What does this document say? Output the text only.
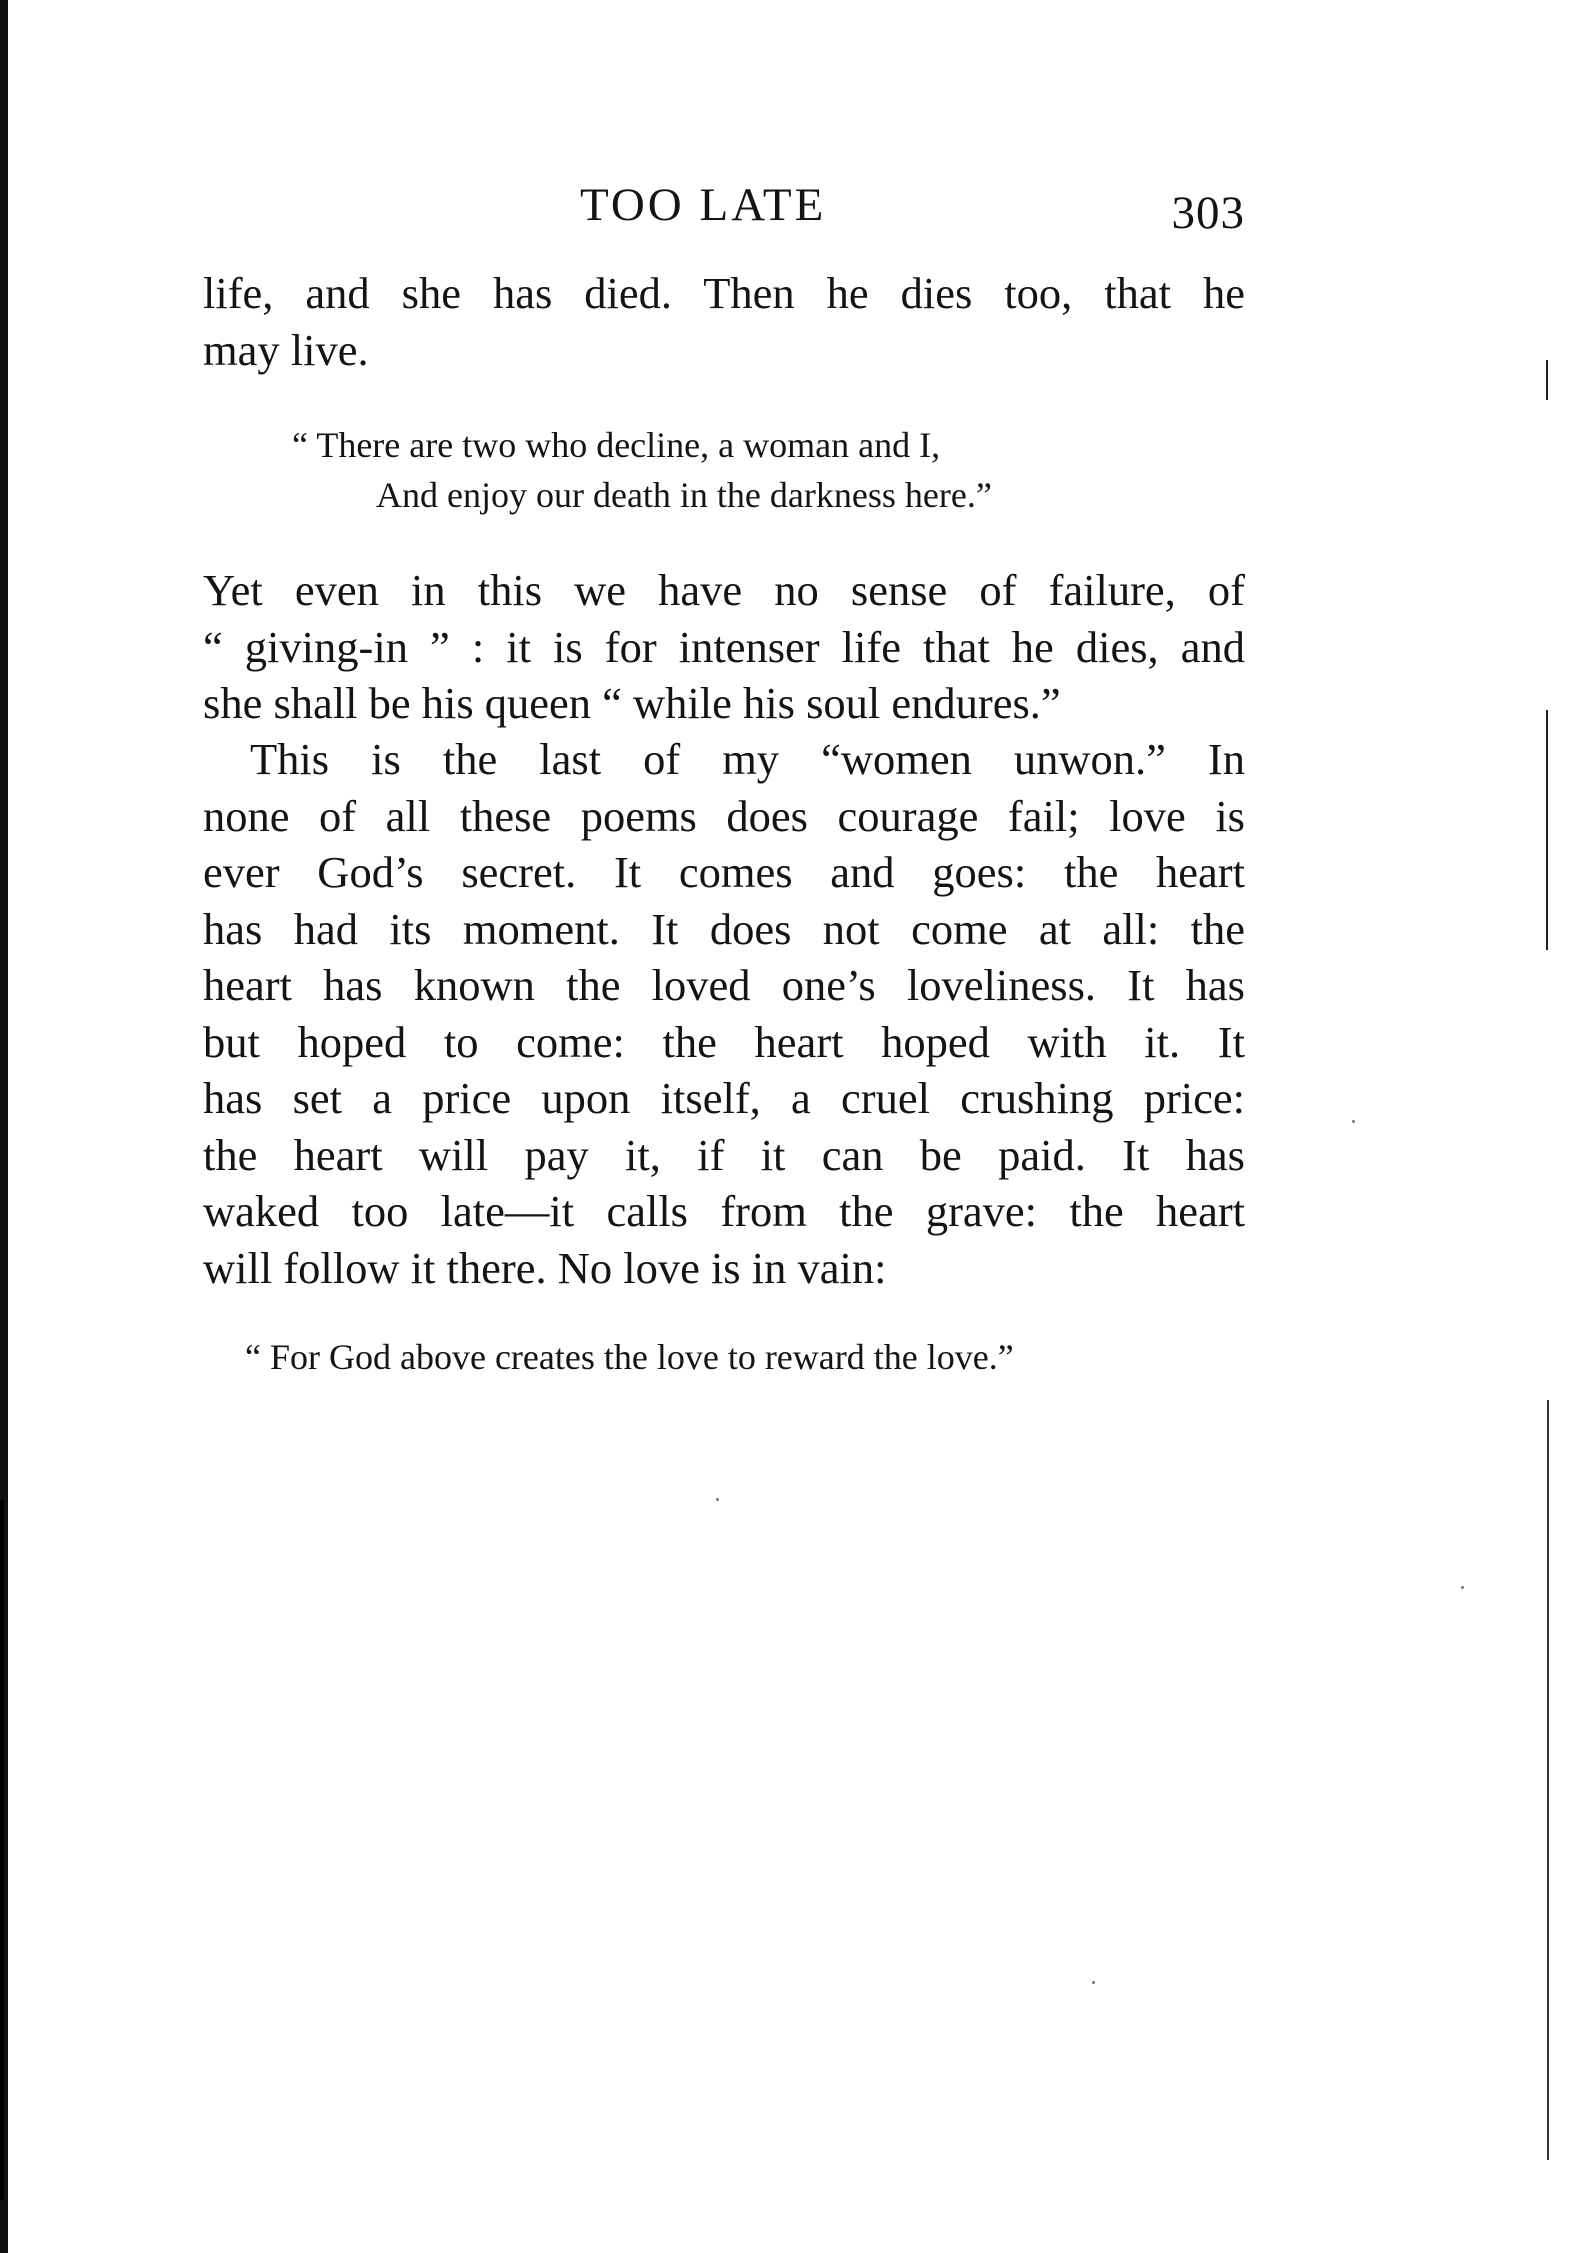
TOO LATE	303
life, and she has died. Then he dies too, that he
may live.
“ There are two who decline, a woman and I,
And enjoy our death in the darkness here.”
Yet even in this we have no sense of failure, of
“ giving-in ” : it is for intenser life that he dies, and
she shall be his queen “ while his soul endures.”
This is the last of my “women unwon.” In
none of all these poems does courage fail; love is
ever God’s secret. It comes and goes: the heart
has had its moment. It does not come at all: the
heart has known the loved one’s loveliness. It has
but hoped to come: the heart hoped with it. It
has set a price upon itself, a cruel crushing price:
the heart will pay it, if it can be paid. It has
waked too late—it calls from the grave: the heart
will follow it there. No love is in vain:
“ For God above creates the love to reward the love.”
